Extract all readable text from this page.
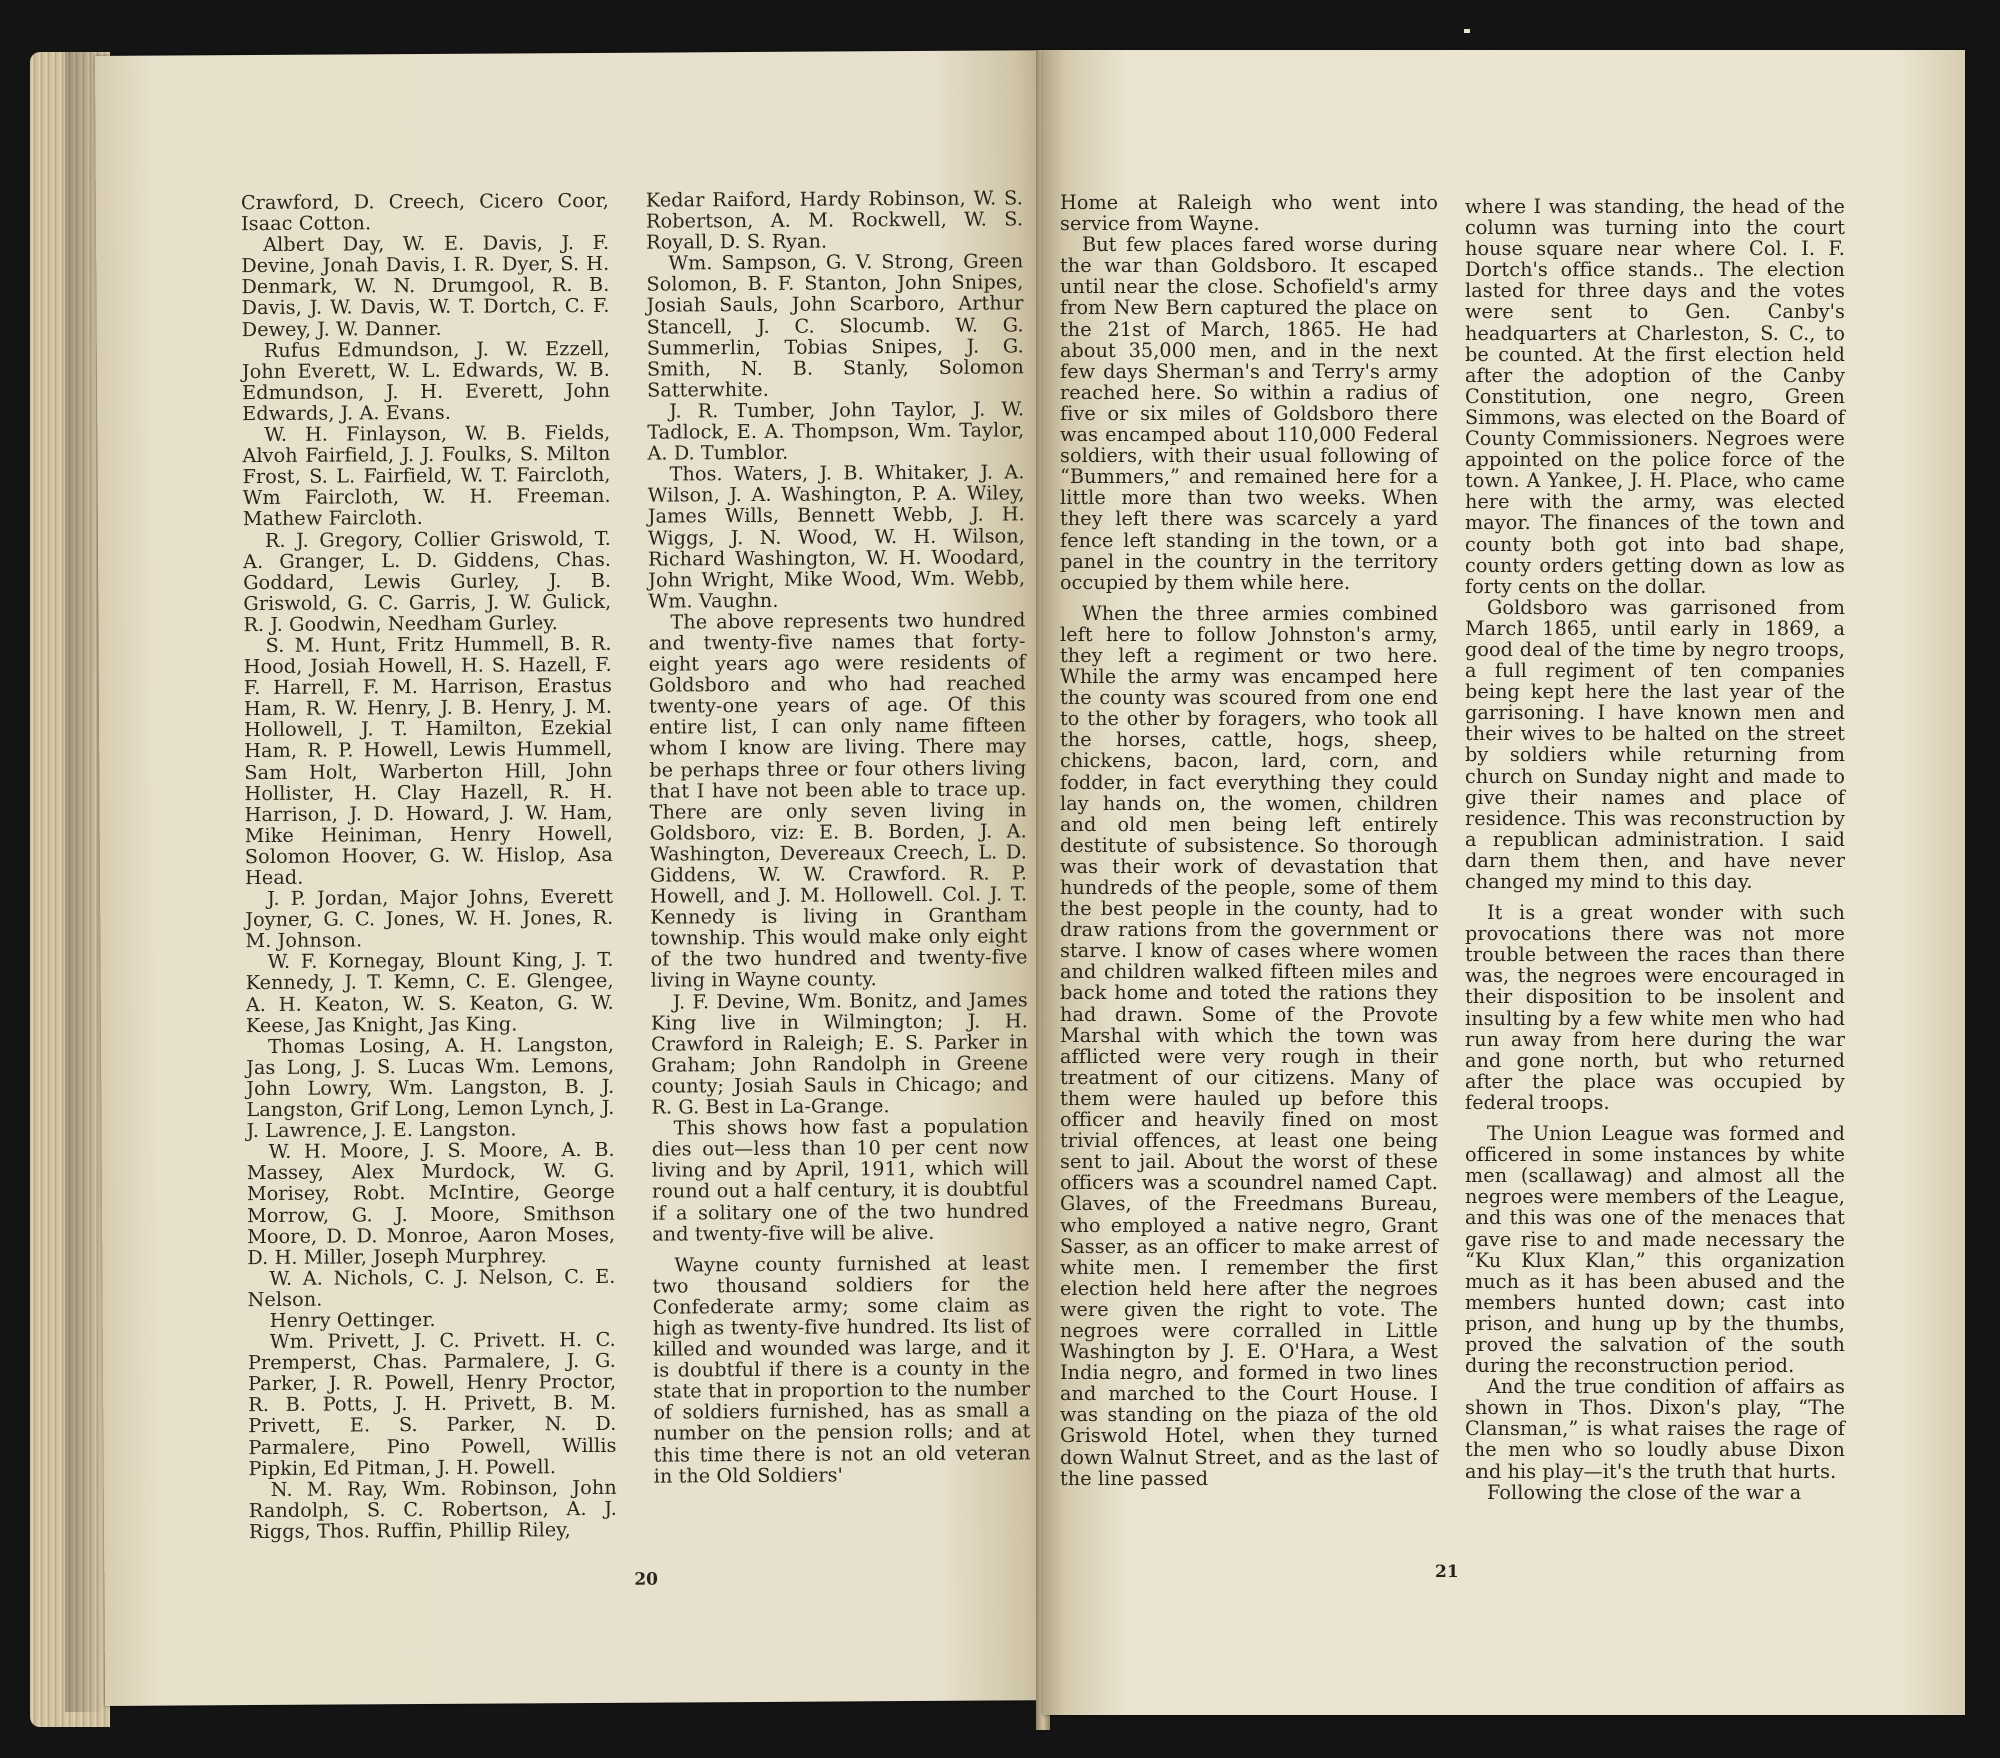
Crawford, D. Creech, Cicero Coor, Isaac Cotton.

Albert Day, W. E. Davis, J. F. Devine, Jonah Davis, I. R. Dyer, S. H. Denmark, W. N. Drumgool, R. B. Davis, J. W. Davis, W. T. Dortch, C. F. Dewey, J. W. Danner.

Rufus Edmundson, J. W. Ezzell, John Everett, W. L. Edwards, W. B. Edmundson, J. H. Everett, John Edwards, J. A. Evans.

W. H. Finlayson, W. B. Fields, Alvoh Fairfield, J. J. Foulks, S. Milton Frost, S. L. Fairfield, W. T. Faircloth, Wm Faircloth, W. H. Freeman. Mathew Faircloth.

R. J. Gregory, Collier Griswold, T. A. Granger, L. D. Giddens, Chas. Goddard, Lewis Gurley, J. B. Griswold, G. C. Garris, J. W. Gulick, R. J. Goodwin, Needham Gurley.

S. M. Hunt, Fritz Hummell, B. R. Hood, Josiah Howell, H. S. Hazell, F. F. Harrell, F. M. Harrison, Erastus Ham, R. W. Henry, J. B. Henry, J. M. Hollowell, J. T. Hamilton, Ezekial Ham, R. P. Howell, Lewis Hummell, Sam Holt, Warberton Hill, John Hollister, H. Clay Hazell, R. H. Harrison, J. D. Howard, J. W. Ham, Mike Heiniman, Henry Howell, Solomon Hoover, G. W. Hislop, Asa Head.

J. P. Jordan, Major Johns, Everett Joyner, G. C. Jones, W. H. Jones, R. M. Johnson.

W. F. Kornegay, Blount King, J. T. Kennedy, J. T. Kemn, C. E. Glengee, A. H. Keaton, W. S. Keaton, G. W. Keese, Jas Knight, Jas King.

Thomas Losing, A. H. Langston, Jas Long, J. S. Lucas Wm. Lemons, John Lowry, Wm. Langston, B. J. Langston, Grif Long, Lemon Lynch, J. J. Lawrence, J. E. Langston.

W. H. Moore, J. S. Moore, A. B. Massey, Alex Murdock, W. G. Morisey, Robt. McIntire, George Morrow, G. J. Moore, Smithson Moore, D. D. Monroe, Aaron Moses, D. H. Miller, Joseph Murphrey.

W. A. Nichols, C. J. Nelson, C. E. Nelson.

Henry Oettinger.

Wm. Privett, J. C. Privett. H. C. Premperst, Chas. Parmalere, J. G. Parker, J. R. Powell, Henry Proctor, R. B. Potts, J. H. Privett, B. M. Privett, E. S. Parker, N. D. Parmalere, Pino Powell, Willis Pipkin, Ed Pitman, J. H. Powell.

N. M. Ray, Wm. Robinson, John Randolph, S. C. Robertson, A. J. Riggs, Thos. Ruffin, Phillip Riley,

Kedar Raiford, Hardy Robinson, W. S. Robertson, A. M. Rockwell, W. S. Royall, D. S. Ryan.

Wm. Sampson, G. V. Strong, Green Solomon, B. F. Stanton, John Snipes, Josiah Sauls, John Scarboro, Arthur Stancell, J. C. Slocumb. W. G. Summerlin, Tobias Snipes, J. G. Smith, N. B. Stanly, Solomon Satterwhite.

J. R. Tumber, John Taylor, J. W. Tadlock, E. A. Thompson, Wm. Taylor, A. D. Tumblor.

Thos. Waters, J. B. Whitaker, J. A. Wilson, J. A. Washington, P. A. Wiley, James Wills, Bennett Webb, J. H. Wiggs, J. N. Wood, W. H. Wilson, Richard Washington, W. H. Woodard, John Wright, Mike Wood, Wm. Webb, Wm. Vaughn.

The above represents two hundred and twenty-five names that forty-eight years ago were residents of Goldsboro and who had reached twenty-one years of age. Of this entire list, I can only name fifteen whom I know are living. There may be perhaps three or four others living that I have not been able to trace up. There are only seven living in Goldsboro, viz: E. B. Borden, J. A. Washington, Devereaux Creech, L. D. Giddens, W. W. Crawford. R. P. Howell, and J. M. Hollowell. Col. J. T. Kennedy is living in Grantham township. This would make only eight of the two hundred and twenty-five living in Wayne county.

J. F. Devine, Wm. Bonitz, and James King live in Wilmington; J. H. Crawford in Raleigh; E. S. Parker in Graham; John Randolph in Greene county; Josiah Sauls in Chicago; and R. G. Best in La-Grange.

This shows how fast a population dies out—less than 10 per cent now living and by April, 1911, which will round out a half century, it is doubtful if a solitary one of the two hundred and twenty-five will be alive.

Wayne county furnished at least two thousand soldiers for the Confederate army; some claim as high as twenty-five hundred. Its list of killed and wounded was large, and it is doubtful if there is a county in the state that in proportion to the number of soldiers furnished, has as small a number on the pension rolls; and at this time there is not an old veteran in the Old Soldiers'

20

Home at Raleigh who went into service from Wayne.

But few places fared worse during the war than Goldsboro. It escaped until near the close. Schofield's army from New Bern captured the place on the 21st of March, 1865. He had about 35,000 men, and in the next few days Sherman's and Terry's army reached here. So within a radius of five or six miles of Goldsboro there was encamped about 110,000 Federal soldiers, with their usual following of “Bummers,” and remained here for a little more than two weeks. When they left there was scarcely a yard fence left standing in the town, or a panel in the country in the territory occupied by them while here.

When the three armies combined left here to follow Johnston's army, they left a regiment or two here. While the army was encamped here the county was scoured from one end to the other by foragers, who took all the horses, cattle, hogs, sheep, chickens, bacon, lard, corn, and fodder, in fact everything they could lay hands on, the women, children and old men being left entirely destitute of subsistence. So thorough was their work of devastation that hundreds of the people, some of them the best people in the county, had to draw rations from the government or starve. I know of cases where women and children walked fifteen miles and back home and toted the rations they had drawn. Some of the Provote Marshal with which the town was afflicted were very rough in their treatment of our citizens. Many of them were hauled up before this officer and heavily fined on most trivial offences, at least one being sent to jail. About the worst of these officers was a scoundrel named Capt. Glaves, of the Freedmans Bureau, who employed a native negro, Grant Sasser, as an officer to make arrest of white men. I remember the first election held here after the negroes were given the right to vote. The negroes were corralled in Little Washington by J. E. O'Hara, a West India negro, and formed in two lines and marched to the Court House. I was standing on the piaza of the old Griswold Hotel, when they turned down Walnut Street, and as the last of the line passed

where I was standing, the head of the column was turning into the court house square near where Col. I. F. Dortch's office stands.. The election lasted for three days and the votes were sent to Gen. Canby's headquarters at Charleston, S. C., to be counted. At the first election held after the adoption of the Canby Constitution, one negro, Green Simmons, was elected on the Board of County Commissioners. Negroes were appointed on the police force of the town. A Yankee, J. H. Place, who came here with the army, was elected mayor. The finances of the town and county both got into bad shape, county orders getting down as low as forty cents on the dollar.

Goldsboro was garrisoned from March 1865, until early in 1869, a good deal of the time by negro troops, a full regiment of ten companies being kept here the last year of the garrisoning. I have known men and their wives to be halted on the street by soldiers while returning from church on Sunday night and made to give their names and place of residence. This was reconstruction by a republican administration. I said darn them then, and have never changed my mind to this day.

It is a great wonder with such provocations there was not more trouble between the races than there was, the negroes were encouraged in their disposition to be insolent and insulting by a few white men who had run away from here during the war and gone north, but who returned after the place was occupied by federal troops.

The Union League was formed and officered in some instances by white men (scallawag) and almost all the negroes were members of the League, and this was one of the menaces that gave rise to and made necessary the “Ku Klux Klan,” this organization much as it has been abused and the members hunted down; cast into prison, and hung up by the thumbs, proved the salvation of the south during the reconstruction period.

And the true condition of affairs as shown in Thos. Dixon's play, “The Clansman,” is what raises the rage of the men who so loudly abuse Dixon and his play—it's the truth that hurts.

Following the close of the war a

21
